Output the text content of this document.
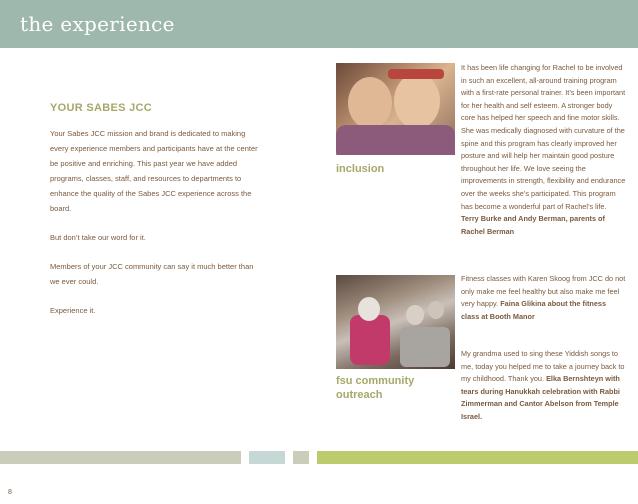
the experience
YOUR SABES JCC

Your Sabes JCC mission and brand is dedicated to making every experience members and participants have at the center be positive and enriching. This past year we have added programs, classes, staff, and resources to departments to enhance the quality of the Sabes JCC experience across the board.

But don’t take our word for it.

Members of your JCC community can say it much better than we ever could.

Experience it.

inclusion
fsu community outreach
It has been life changing for Rachel to be involved in such an excellent, all-around training program with a first-rate personal trainer. It’s been important for her health and self esteem. A stronger body core has helped her speech and fine motor skills. She was medically diagnosed with curvature of the spine and this program has clearly improved her posture and will help her maintain good posture throughout her life. We love seeing the improvements in strength, flexibility and endurance over the weeks she’s participated. This program has become a wonderful part of Rachel’s life. Terry Burke and Andy Berman, parents of Rachel Berman
Fitness classes with Karen Skoog from JCC do not only make me feel healthy but also make me feel very happy. Faina Glikina about the fitness class at Booth Manor
My grandma used to sing these Yiddish songs to me, today you helped me to take a journey back to my childhood. Thank you. Elka Bernshteyn with tears during Hanukkah celebration with Rabbi Zimmerman and Cantor Abelson from Temple Israel.
8
